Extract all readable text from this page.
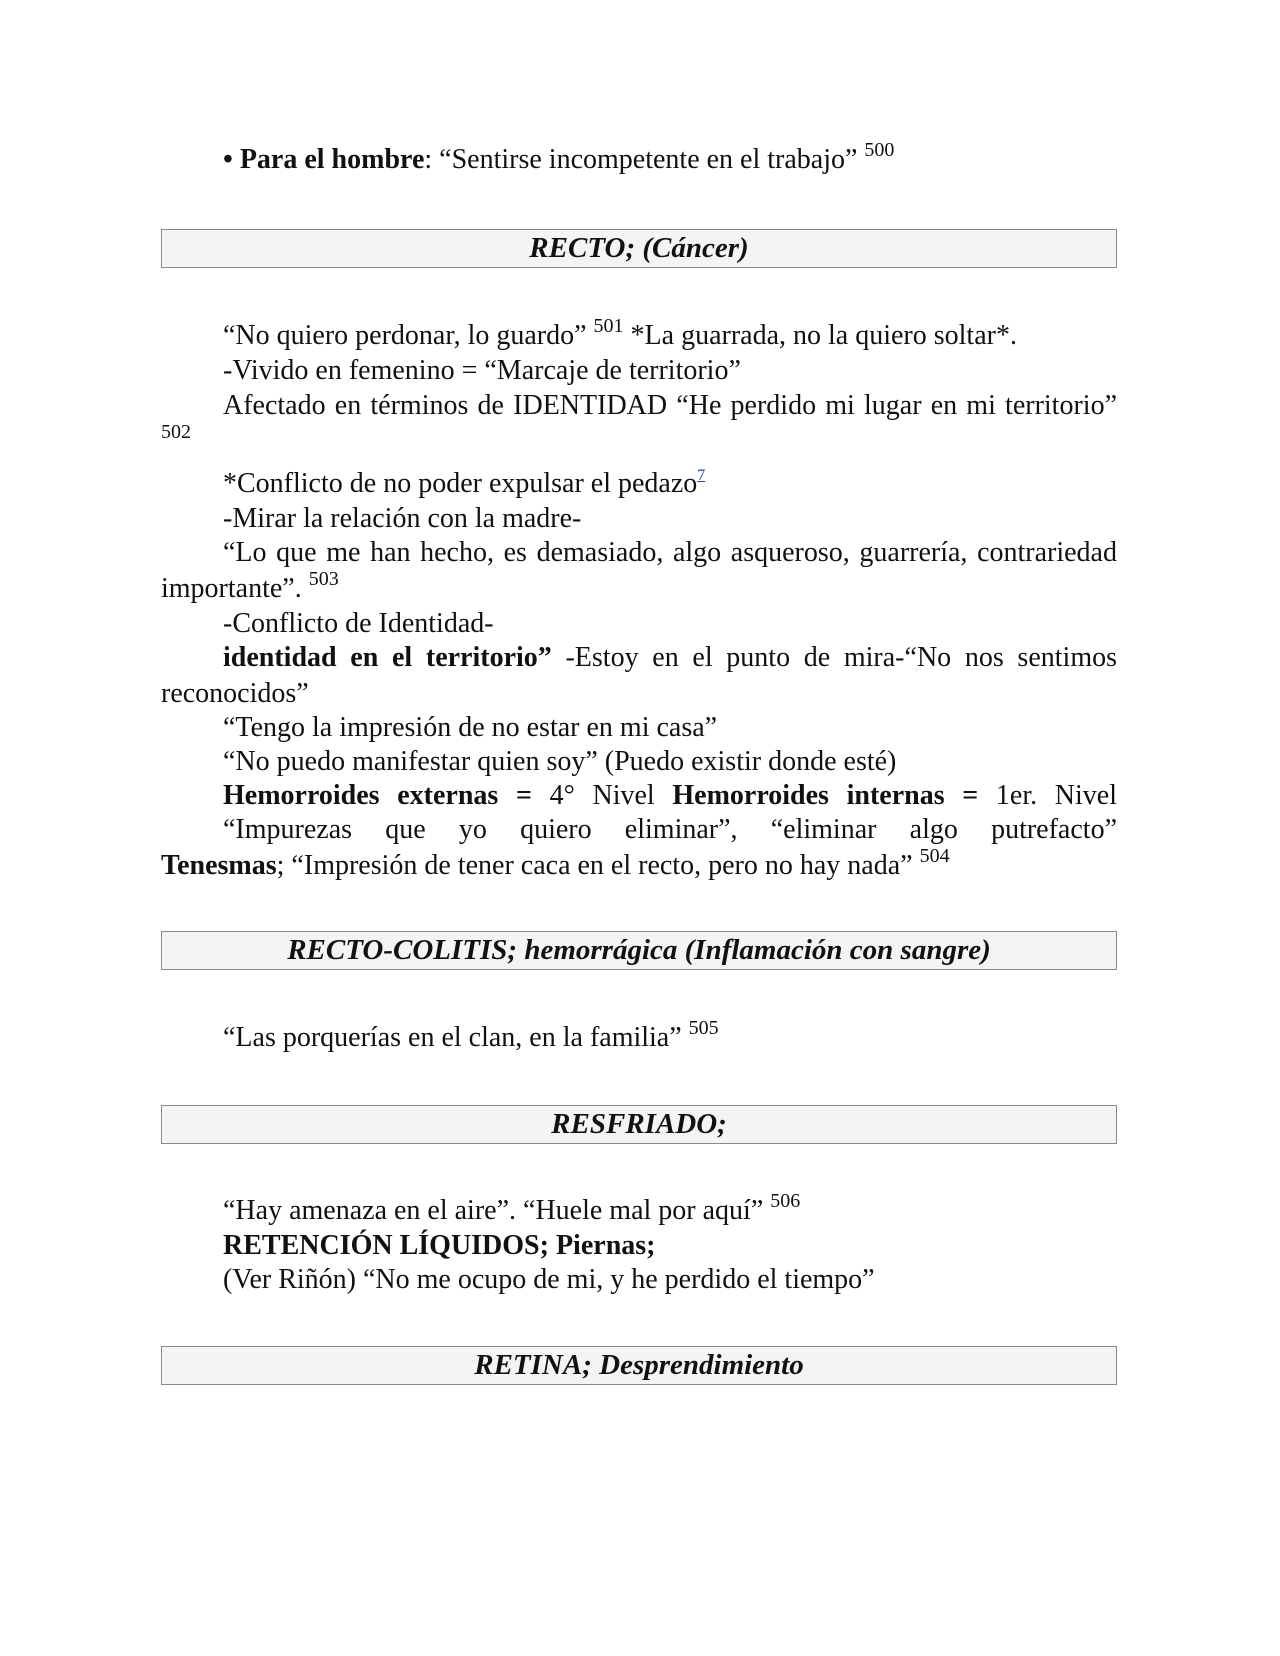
• Para el hombre: “Sentirse incompetente en el trabajo” $^{500}$

RECTO; (Cáncer)

“No quiero perdonar, lo guardo” $^{501}$ *La guarrada, no la quiero soltar*.

-Vivido en femenino = “Marcaje de territorio”

Afectado en términos de IDENTIDAD “He perdido mi lugar en mi territorio” $^{502}$

*Conflicto de no poder expulsar el pedazo$^7$

-Mirar la relación con la madre-

“Lo que me han hecho, es demasiado, algo asqueroso, guarrería, contrariedad importante”. $^{503}$

-Conflicto de Identidad-

identidad en el territorio” -Estoy en el punto de mira-“No nos sentimos reconocidos”

“Tengo la impresión de no estar en mi casa”

“No puedo manifestar quien soy” (Puedo existir donde esté)

Hemorroides externas = 4° Nivel Hemorroides internas = 1er. Nivel

“Impurezas que yo quiero eliminar”, “eliminar algo putrefacto”

Tenesmas; “Impresión de tener caca en el recto, pero no hay nada” $^{504}$

RECTO-COLITIS; hemorrágica (Inflamación con sangre)

“Las porquerías en el clan, en la familia” $^{505}$

RESFRIADO;

“Hay amenaza en el aire”. “Huele mal por aquí” $^{506}$

RETENCIÓN LÍQUIDOS; Piernas;

(Ver Riñón) “No me ocupo de mi, y he perdido el tiempo”

RETINA; Desprendimiento
